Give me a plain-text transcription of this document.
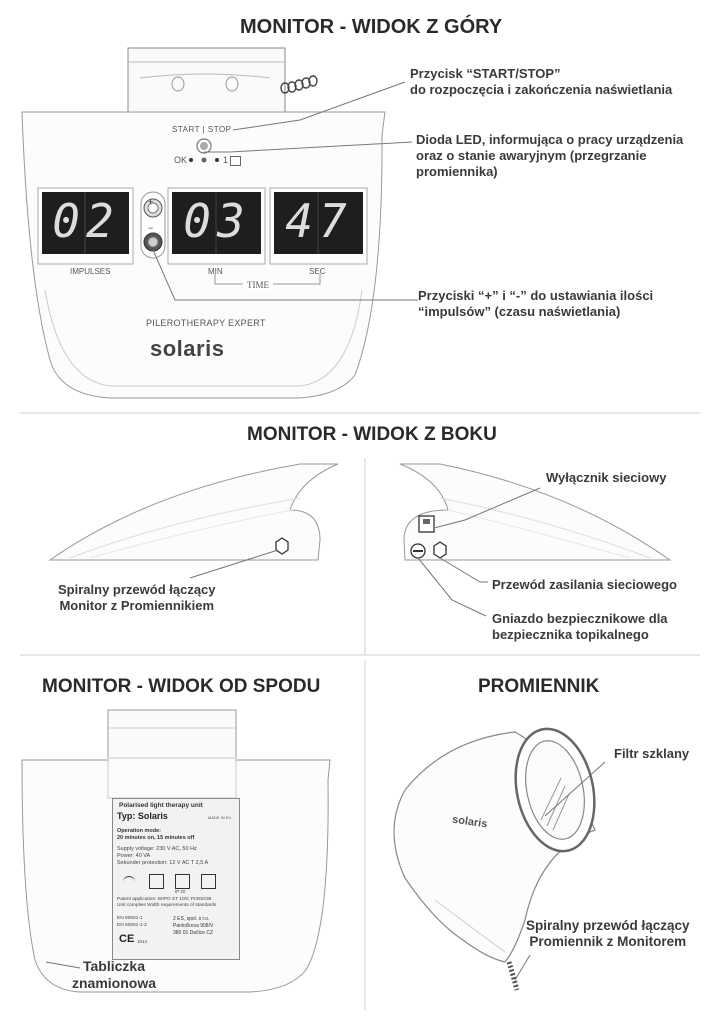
MONITOR - WIDOK Z GÓRY
MONITOR - WIDOK Z BOKU
MONITOR - WIDOK OD SPODU	PROMIENNIK
START | STOP
OK	1
02 03 47
+
−
IMPULSES	MIN	SEC
TIME
PILEROTHERAPY EXPERT
solaris
Przycisk “START/STOP”
do rozpoczęcia i zakończenia naświetlania
Dioda LED, informująca o pracy urządzenia
oraz o stanie awaryjnym (przegrzanie
promiennika)
Przyciski “+” i “-” do ustawiania ilości
“impulsów” (czasu naświetlania)
Spiralny przewód łączący
Monitor z Promiennikiem
Wyłącznik sieciowy
Przewód zasilania sieciowego
Gniazdo bezpiecznikowe dla
bezpiecznika topikalnego
Polarised light therapy unit
Typ: Solaris	MADE IN EU
Operation mode:
20 minutes on, 15 minutes off
Supply voltage: 230 V AC, 50 Hz
Power: 40 VA
Sekunder protection: 12 V AC T 2,5 A
IP 20
Patent application: WIPO ST 10/C PI381036
Unit complies Width requirements of standards
EN 60601-1
EN 60601-1-2
CE 1014
2 ES, spol. s r.o.
Panločkova 908/V
380 01 Dačice CZ
Tabliczka
znamionowa
solaris
Filtr szklany
Spiralny przewód łączący
Promiennik z Monitorem
